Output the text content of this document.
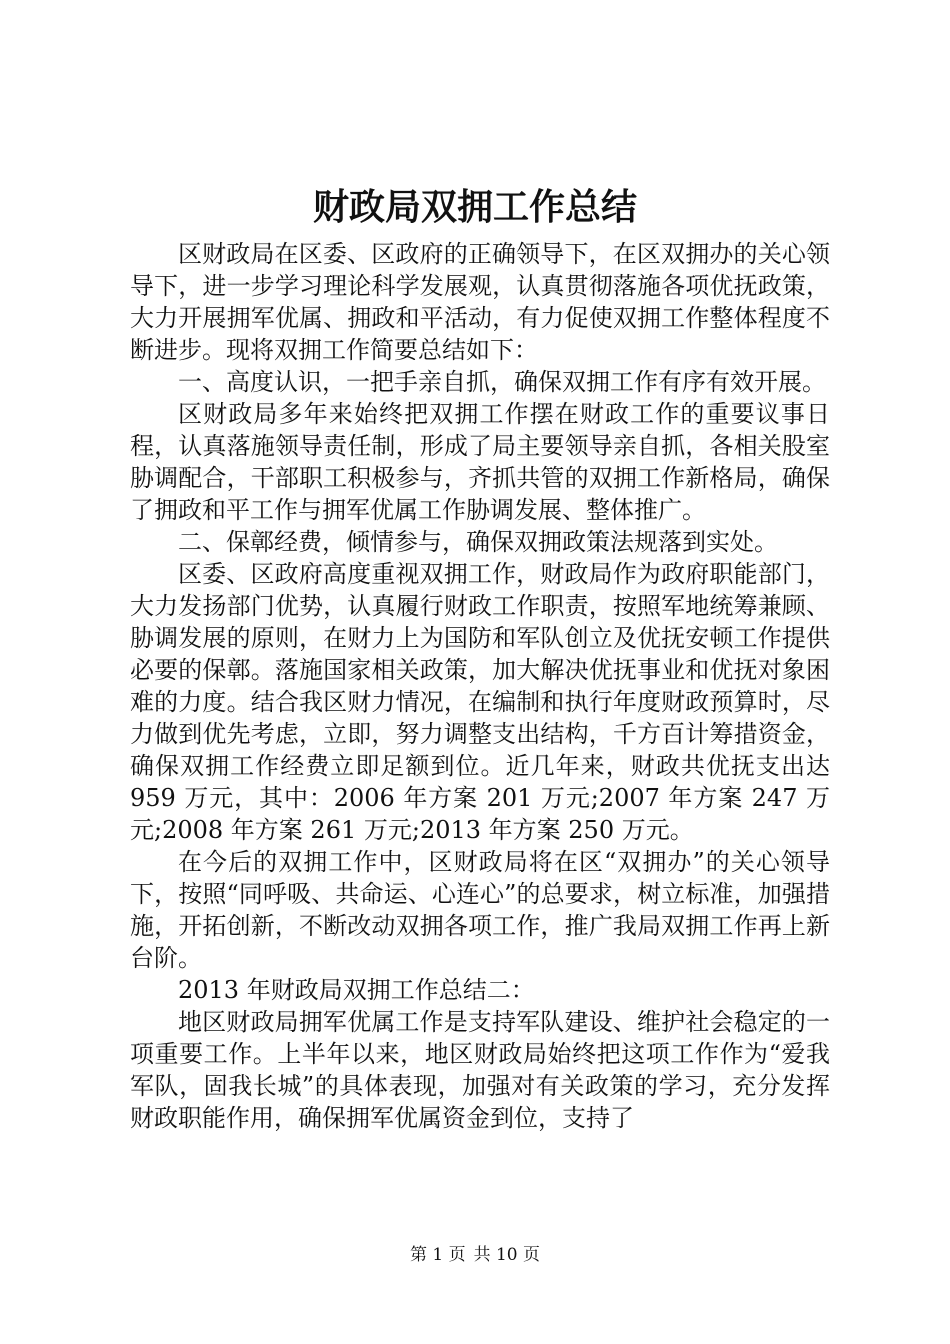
财政局双拥工作总结

区财政局在区委、区政府的正确领导下，在区双拥办的关心领导下，进一步学习理论科学发展观，认真贯彻落施各项优抚政策，大力开展拥军优属、拥政和平活动，有力促使双拥工作整体程度不断进步。现将双拥工作简要总结如下：

一、高度认识，一把手亲自抓，确保双拥工作有序有效开展。

区财政局多年来始终把双拥工作摆在财政工作的重要议事日程，认真落施领导责任制，形成了局主要领导亲自抓，各相关股室胁调配合，干部职工积极参与，齐抓共管的双拥工作新格局，确保了拥政和平工作与拥军优属工作胁调发展、整体推广。

二、保鄣经费，倾情参与，确保双拥政策法规落到实处。

区委、区政府高度重视双拥工作，财政局作为政府职能部门，大力发扬部门优势，认真履行财政工作职责，按照军地统筹兼顾、胁调发展的原则，在财力上为国防和军队创立及优抚安顿工作提供必要的保鄣。落施国家相关政策，加大解决优抚事业和优抚对象困难的力度。结合我区财力情况，在编制和执行年度财政预算时，尽力做到优先考虑，立即，努力调整支出结构，千方百计筹措资金，确保双拥工作经费立即足额到位。近几年来，财政共优抚支出达 959 万元，其中：2006 年方案 201 万元;2007 年方案 247 万元;2008 年方案 261 万元;2013 年方案 250 万元。

在今后的双拥工作中，区财政局将在区“双拥办”的关心领导下，按照“同呼吸、共命运、心连心”的总要求，树立标准，加强措施，开拓创新，不断改动双拥各项工作，推广我局双拥工作再上新台阶。

2013 年财政局双拥工作总结二：

地区财政局拥军优属工作是支持军队建设、维护社会稳定的一项重要工作。上半年以来，地区财政局始终把这项工作作为“爱我军队，固我长城”的具体表现，加强对有关政策的学习，充分发挥财政职能作用，确保拥军优属资金到位，支持了

第 1 页 共 10 页
